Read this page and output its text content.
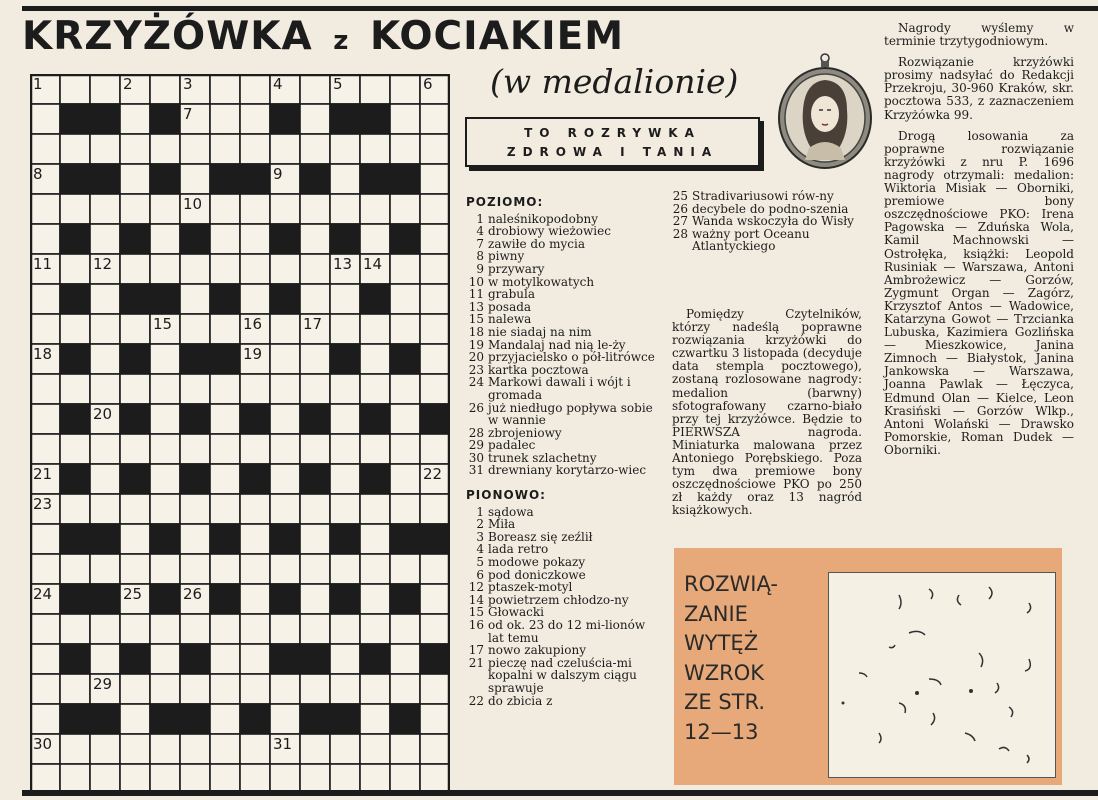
KRZYŻÓWKA z KOCIAKIEM
(w medalionie)
TO ROZRYWKA
ZDROWA I TANIA
1	2	3	4	5	6
7
8	9
10
11	12	13 14
15	16	17
18	19
20
21	22
23
24	25	26	27	28
29
30	31
POZIOMO:
1 naleśnikopodobny
4 drobiowy wieżowiec
7 zawiłe do mycia
8 piwny
9 przywary
10 w motylkowatych
11 grabula
13 posada
15 nalewa
18 nie siadaj na nim
19 Mandalaj nad nią le-ży
20 przyjacielsko o pół-litrówce
23 kartka pocztowa
24 Markowi dawali i wójt i gromada
26 już niedługo popływa sobie w wannie
28 zbrojeniowy
29 padalec
30 trunek szlachetny
31 drewniany korytarzo-wiec
PIONOWO:
1 sądowa
2 Miła
3 Boreasz się zeźlił
4 lada retro
5 modowe pokazy
6 pod doniczkowe
12 ptaszek-motyl
14 powietrzem chłodzo-ny
15 Głowacki
16 od ok. 23 do 12 mi-lionów lat temu
17 nowo zakupiony
21 pieczę nad czeluścia-mi kopalni w dalszym ciągu sprawuje
22 do zbicia z
25 Stradivariusowi rów-ny
26 decybele do podno-szenia
27 Wanda wskoczyła do Wisły
28 ważny port Oceanu Atlantyckiego

Pomiędzy Czytelników, którzy nadeślą poprawne rozwiązania krzyżówki do czwartku 3 listopada (decyduje data stempla pocztowego), zostaną rozlosowane nagrody: medalion (barwny) sfotografowany czarno-biało przy tej krzyżówce. Będzie to PIERWSZA nagroda. Miniaturka malowana przez Antoniego Porębskiego. Poza tym dwa premiowe bony oszczędnościowe PKO po 250 zł każdy oraz 13 nagród książkowych.

Nagrody wyślemy w terminie trzytygodniowym.

Rozwiązanie krzyżówki prosimy nadsyłać do Redakcji Przekroju, 30-960 Kraków, skr. pocztowa 533, z zaznaczeniem Krzyżówka 99.

Drogą losowania za poprawne rozwiązanie krzyżówki z nru P. 1696 nagrody otrzymali: medalion: Wiktoria Misiak — Oborniki, premiowe bony oszczędnościowe PKO: Irena Pagowska — Zduńska Wola, Kamil Machnowski — Ostrołęka, książki: Leopold Rusiniak — Warszawa, Antoni Ambrożewicz — Gorzów, Zygmunt Organ — Zagórz, Krzysztof Antos — Wadowice, Katarzyna Gowot — Trzcianka Lubuska, Kazimiera Gozlińska — Mieszkowice, Janina Zimnoch — Białystok, Janina Jankowska — Warszawa, Joanna Pawlak — Łęczyca, Edmund Olan — Kielce, Leon Krasiński — Gorzów Wlkp., Antoni Wolański — Drawsko Pomorskie, Roman Dudek — Oborniki.

ROZWIĄ-
ZANIE
WYTĘŻ
WZROK
ZE STR.
12—13
